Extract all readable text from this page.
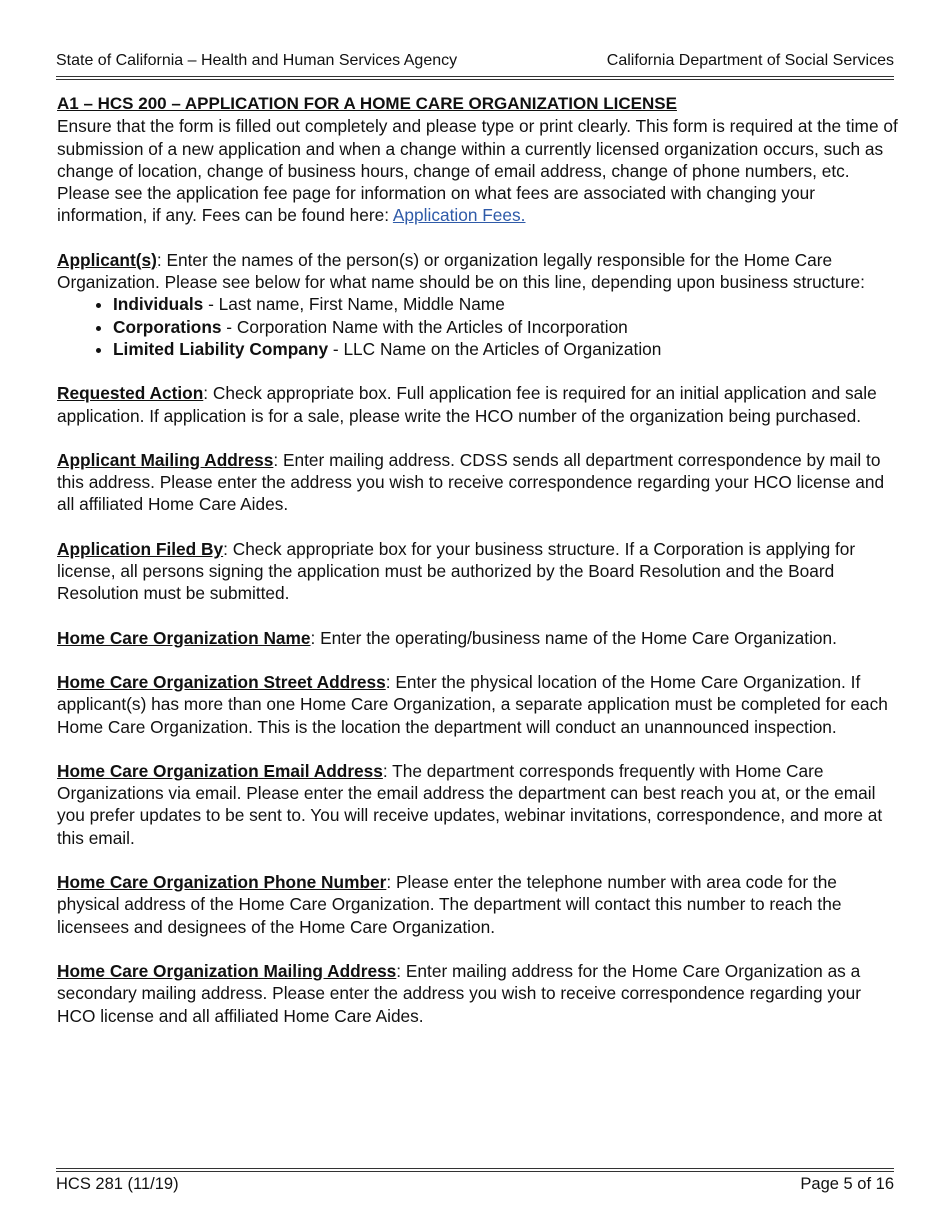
State of California – Health and Human Services Agency	California Department of Social Services

A1 – HCS 200 – APPLICATION FOR A HOME CARE ORGANIZATION LICENSE

Ensure that the form is filled out completely and please type or print clearly. This form is required at the time of submission of a new application and when a change within a currently licensed organization occurs, such as change of location, change of business hours, change of email address, change of phone numbers, etc. Please see the application fee page for information on what fees are associated with changing your information, if any. Fees can be found here: Application Fees.

Applicant(s): Enter the names of the person(s) or organization legally responsible for the Home Care Organization. Please see below for what name should be on this line, depending upon business structure:

• Individuals - Last name, First Name, Middle Name
• Corporations - Corporation Name with the Articles of Incorporation
• Limited Liability Company - LLC Name on the Articles of Organization

Requested Action: Check appropriate box. Full application fee is required for an initial application and sale application. If application is for a sale, please write the HCO number of the organization being purchased.

Applicant Mailing Address: Enter mailing address. CDSS sends all department correspondence by mail to this address. Please enter the address you wish to receive correspondence regarding your HCO license and all affiliated Home Care Aides.

Application Filed By: Check appropriate box for your business structure. If a Corporation is applying for license, all persons signing the application must be authorized by the Board Resolution and the Board Resolution must be submitted.

Home Care Organization Name: Enter the operating/business name of the Home Care Organization.

Home Care Organization Street Address: Enter the physical location of the Home Care Organization. If applicant(s) has more than one Home Care Organization, a separate application must be completed for each Home Care Organization. This is the location the department will conduct an unannounced inspection.

Home Care Organization Email Address: The department corresponds frequently with Home Care Organizations via email. Please enter the email address the department can best reach you at, or the email you prefer updates to be sent to. You will receive updates, webinar invitations, correspondence, and more at this email.

Home Care Organization Phone Number: Please enter the telephone number with area code for the physical address of the Home Care Organization. The department will contact this number to reach the licensees and designees of the Home Care Organization.

Home Care Organization Mailing Address: Enter mailing address for the Home Care Organization as a secondary mailing address. Please enter the address you wish to receive correspondence regarding your HCO license and all affiliated Home Care Aides.

HCS 281 (11/19)	Page 5 of 16
